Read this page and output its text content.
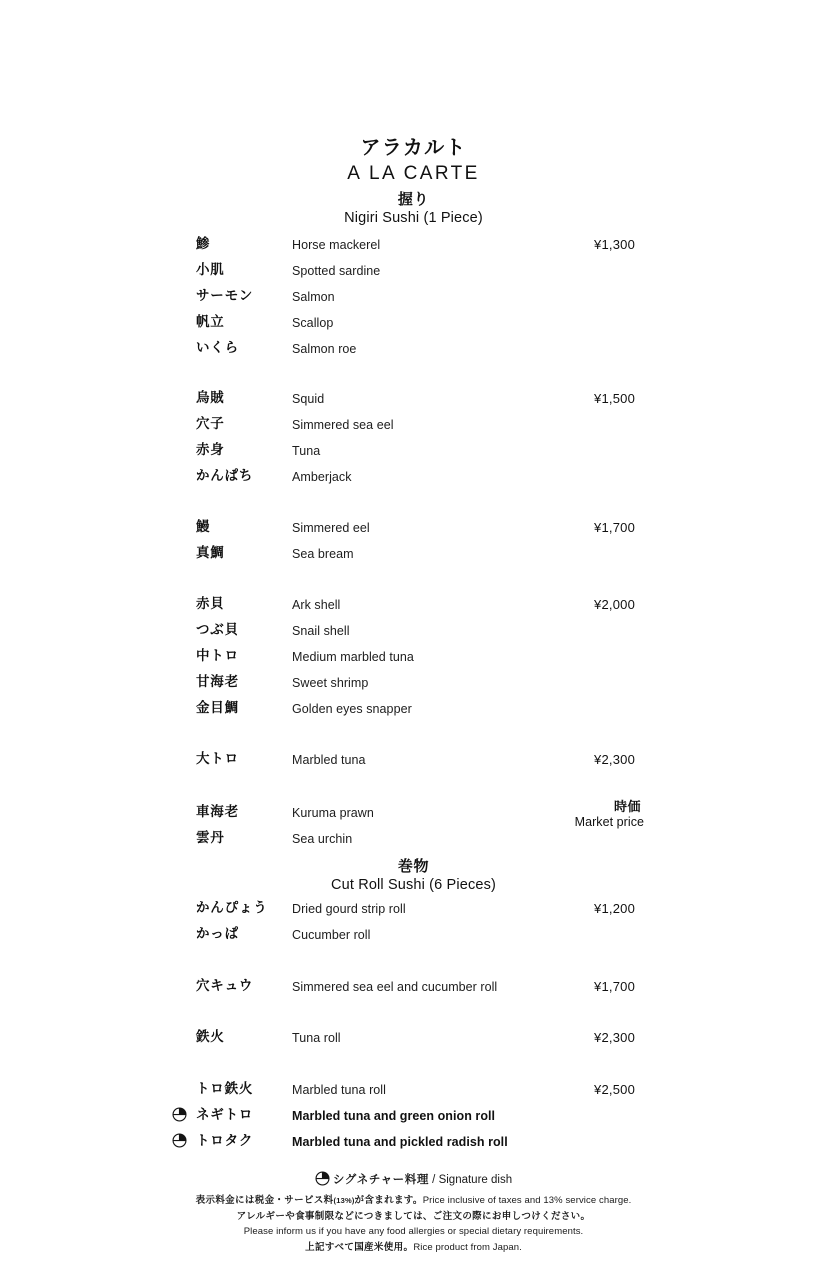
アラカルト
A LA CARTE
握り
Nigiri Sushi (1 Piece)
鯵	Horse mackerel	¥1,300
小肌	Spotted sardine
サーモン	Salmon
帆立	Scallop
いくら	Salmon roe
烏賊	Squid	¥1,500
穴子	Simmered sea eel
赤身	Tuna
かんぱち	Amberjack
鰻	Simmered eel	¥1,700
真鯛	Sea bream
赤貝	Ark shell	¥2,000
つぶ貝	Snail shell
中トロ	Medium marbled tuna
甘海老	Sweet shrimp
金目鯛	Golden eyes snapper
大トロ	Marbled tuna	¥2,300
車海老	Kuruma prawn	時価
Market price
雲丹	Sea urchin
巻物
Cut Roll Sushi (6 Pieces)
かんぴょう Dried gourd strip roll	¥1,200
かっぱ	Cucumber roll
穴キュウ	Simmered sea eel and cucumber roll	¥1,700
鉄火	Tuna roll	¥2,300
トロ鉄火	Marbled tuna roll	¥2,500
ネギトロ	Marbled tuna and green onion roll
トロタク	Marbled tuna and pickled radish roll
シグネチャー料理 / Signature dish
表示料金には税金・サービス料(13%)が含まれます。Price inclusive of taxes and 13% service charge.
アレルギーや食事制限などにつきましては、ご注文の際にお申しつけください。
Please inform us if you have any food allergies or special dietary requirements.
上記すべて国産米使用。Rice product from Japan.
